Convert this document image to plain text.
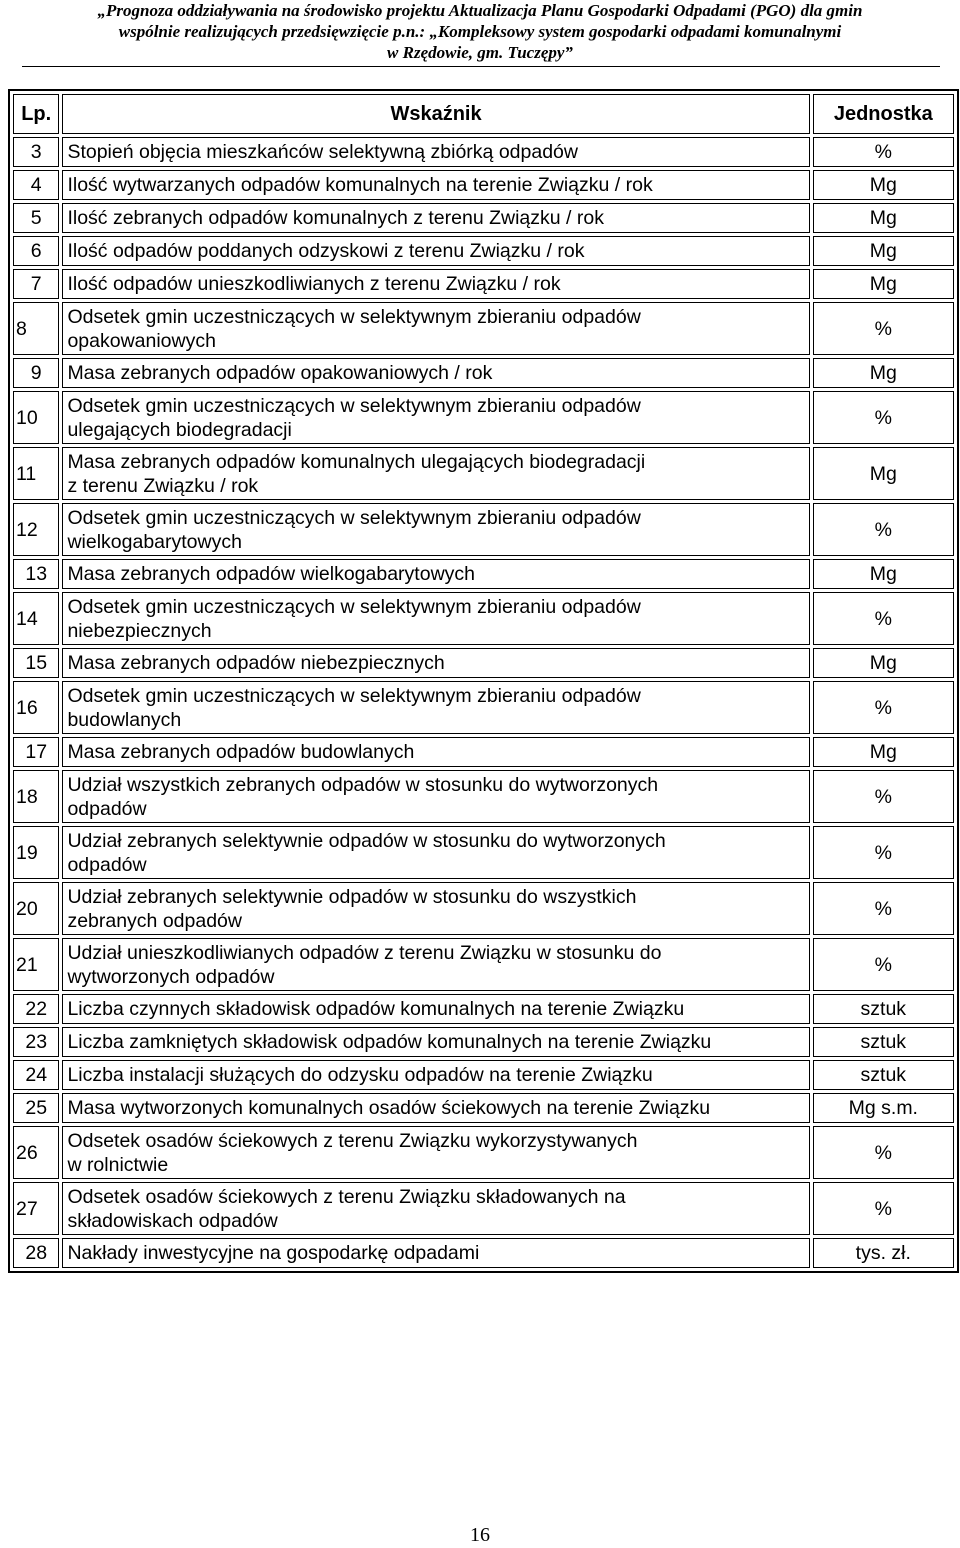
„Prognoza oddziaływania na środowisko projektu Aktualizacja Planu Gospodarki Odpadami (PGO) dla gmin
wspólnie realizujących przedsięwzięcie p.n.: „Kompleksowy system gospodarki odpadami komunalnymi
w Rzędowie, gm. Tuczępy”
Lp.	Wskaźnik	Jednostka
3	Stopień objęcia mieszkańców selektywną zbiórką odpadów	%
4	Ilość wytwarzanych odpadów komunalnych na terenie Związku / rok	Mg
5	Ilość zebranych odpadów komunalnych z terenu Związku / rok	Mg
6	Ilość odpadów poddanych odzyskowi z terenu Związku / rok	Mg
7	Ilość odpadów unieszkodliwianych z terenu Związku / rok	Mg
8	Odsetek gmin uczestniczących w selektywnym zbieraniu odpadów
opakowaniowych	%
9	Masa zebranych odpadów opakowaniowych / rok	Mg
10	Odsetek gmin uczestniczących w selektywnym zbieraniu odpadów
ulegających biodegradacji	%
11	Masa zebranych odpadów komunalnych ulegających biodegradacji
z terenu Związku / rok	Mg
12	Odsetek gmin uczestniczących w selektywnym zbieraniu odpadów
wielkogabarytowych	%
13	Masa zebranych odpadów wielkogabarytowych	Mg
14	Odsetek gmin uczestniczących w selektywnym zbieraniu odpadów
niebezpiecznych	%
15	Masa zebranych odpadów niebezpiecznych	Mg
16	Odsetek gmin uczestniczących w selektywnym zbieraniu odpadów
budowlanych	%
17	Masa zebranych odpadów budowlanych	Mg
18	Udział wszystkich zebranych odpadów w stosunku do wytworzonych
odpadów	%
19	Udział zebranych selektywnie odpadów w stosunku do wytworzonych
odpadów	%
20	Udział zebranych selektywnie odpadów w stosunku do wszystkich
zebranych odpadów	%
21	Udział unieszkodliwianych odpadów z terenu Związku w stosunku do
wytworzonych odpadów	%
22	Liczba czynnych składowisk odpadów komunalnych na terenie Związku	sztuk
23	Liczba zamkniętych składowisk odpadów komunalnych na terenie Związku	sztuk
24	Liczba instalacji służących do odzysku odpadów na terenie Związku	sztuk
25	Masa wytworzonych komunalnych osadów ściekowych na terenie Związku	Mg s.m.
26	Odsetek osadów ściekowych z terenu Związku wykorzystywanych
w rolnictwie	%
27	Odsetek osadów ściekowych z terenu Związku składowanych na
składowiskach odpadów	%
28	Nakłady inwestycyjne na gospodarkę odpadami	tys. zł.
16
